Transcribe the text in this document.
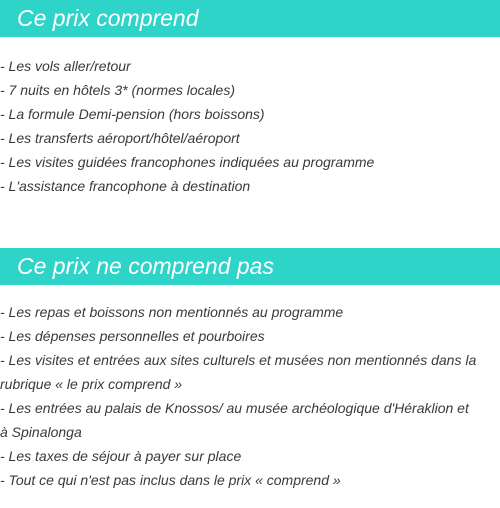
Ce prix comprend
- Les vols aller/retour
- 7 nuits en hôtels 3* (normes locales)
- La formule Demi-pension (hors boissons)
- Les transferts aéroport/hôtel/aéroport
- Les visites guidées francophones indiquées au programme
- L'assistance francophone à destination
Ce prix ne comprend pas
- Les repas et boissons non mentionnés au programme
- Les dépenses personnelles et pourboires
- Les visites et entrées aux sites culturels et musées non mentionnés dans la rubrique « le prix comprend »
- Les entrées au palais de Knossos/ au musée archéologique d'Héraklion et à Spinalonga
- Les taxes de séjour à payer sur place
- Tout ce qui n'est pas inclus dans le prix « comprend »
